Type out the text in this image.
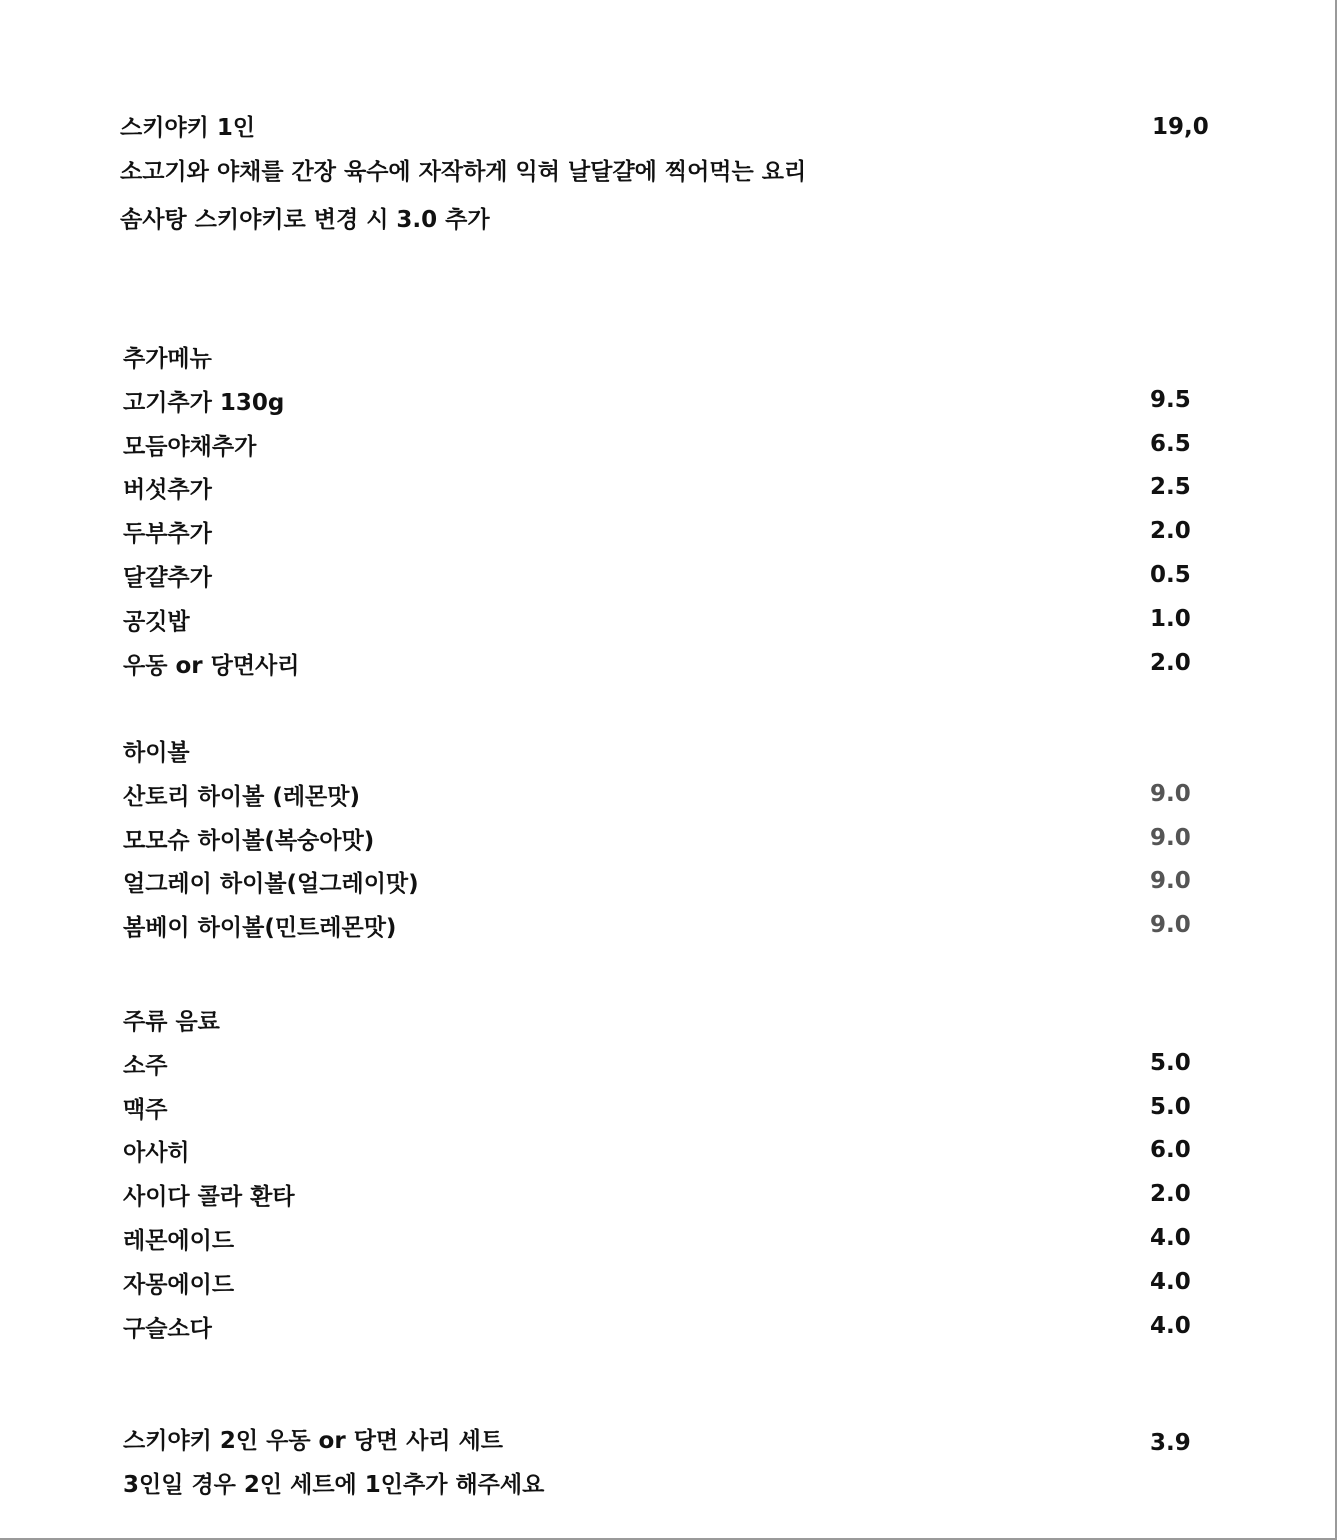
스키야키 1인	19,0
소고기와 야채를 간장 육수에 자작하게 익혀 날달걀에 찍어먹는 요리
솜사탕 스키야키로 변경 시 3.0 추가
추가메뉴
고기추가 130g	9.5
모듬야채추가	6.5
버섯추가	2.5
두부추가	2.0
달걀추가	0.5
공깃밥	1.0
우동 or 당면사리	2.0
하이볼
산토리 하이볼 (레몬맛)	9.0
모모슈 하이볼(복숭아맛)	9.0
얼그레이 하이볼(얼그레이맛)	9.0
봄베이 하이볼(민트레몬맛)	9.0
주류 음료
소주	5.0
맥주	5.0
아사히	6.0
사이다 콜라 환타	2.0
레몬에이드	4.0
자몽에이드	4.0
구슬소다	4.0
스키야키 2인 우동 or 당면 사리 세트	3.9
3인일 경우 2인 세트에 1인추가 해주세요
